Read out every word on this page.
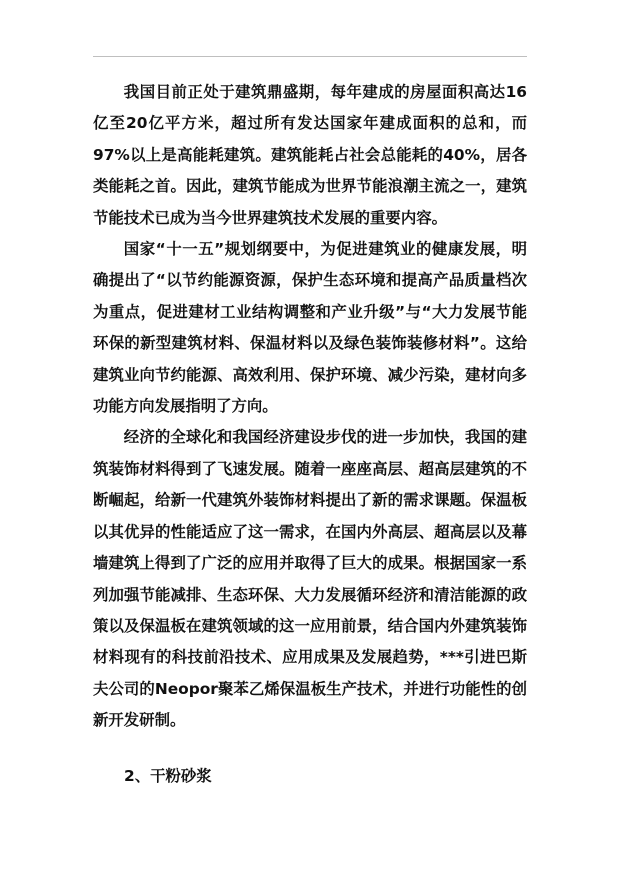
我国目前正处于建筑鼎盛期，每年建成的房屋面积高达16亿至20亿平方米，超过所有发达国家年建成面积的总和，而97%以上是高能耗建筑。建筑能耗占社会总能耗的40%，居各类能耗之首。因此，建筑节能成为世界节能浪潮主流之一，建筑节能技术已成为当今世界建筑技术发展的重要内容。

国家“十一五”规划纲要中，为促进建筑业的健康发展，明确提出了“以节约能源资源，保护生态环境和提高产品质量档次为重点，促进建材工业结构调整和产业升级”与“大力发展节能环保的新型建筑材料、保温材料以及绿色装饰装修材料”。这给建筑业向节约能源、高效利用、保护环境、减少污染，建材向多功能方向发展指明了方向。

经济的全球化和我国经济建设步伐的进一步加快，我国的建筑装饰材料得到了飞速发展。随着一座座高层、超高层建筑的不断崛起，给新一代建筑外装饰材料提出了新的需求课题。保温板以其优异的性能适应了这一需求，在国内外高层、超高层以及幕墙建筑上得到了广泛的应用并取得了巨大的成果。根据国家一系列加强节能减排、生态环保、大力发展循环经济和清洁能源的政策以及保温板在建筑领域的这一应用前景，结合国内外建筑装饰材料现有的科技前沿技术、应用成果及发展趋势，***引进巴斯夫公司的Neopor聚苯乙烯保温板生产技术，并进行功能性的创新开发研制。

2、干粉砂浆
